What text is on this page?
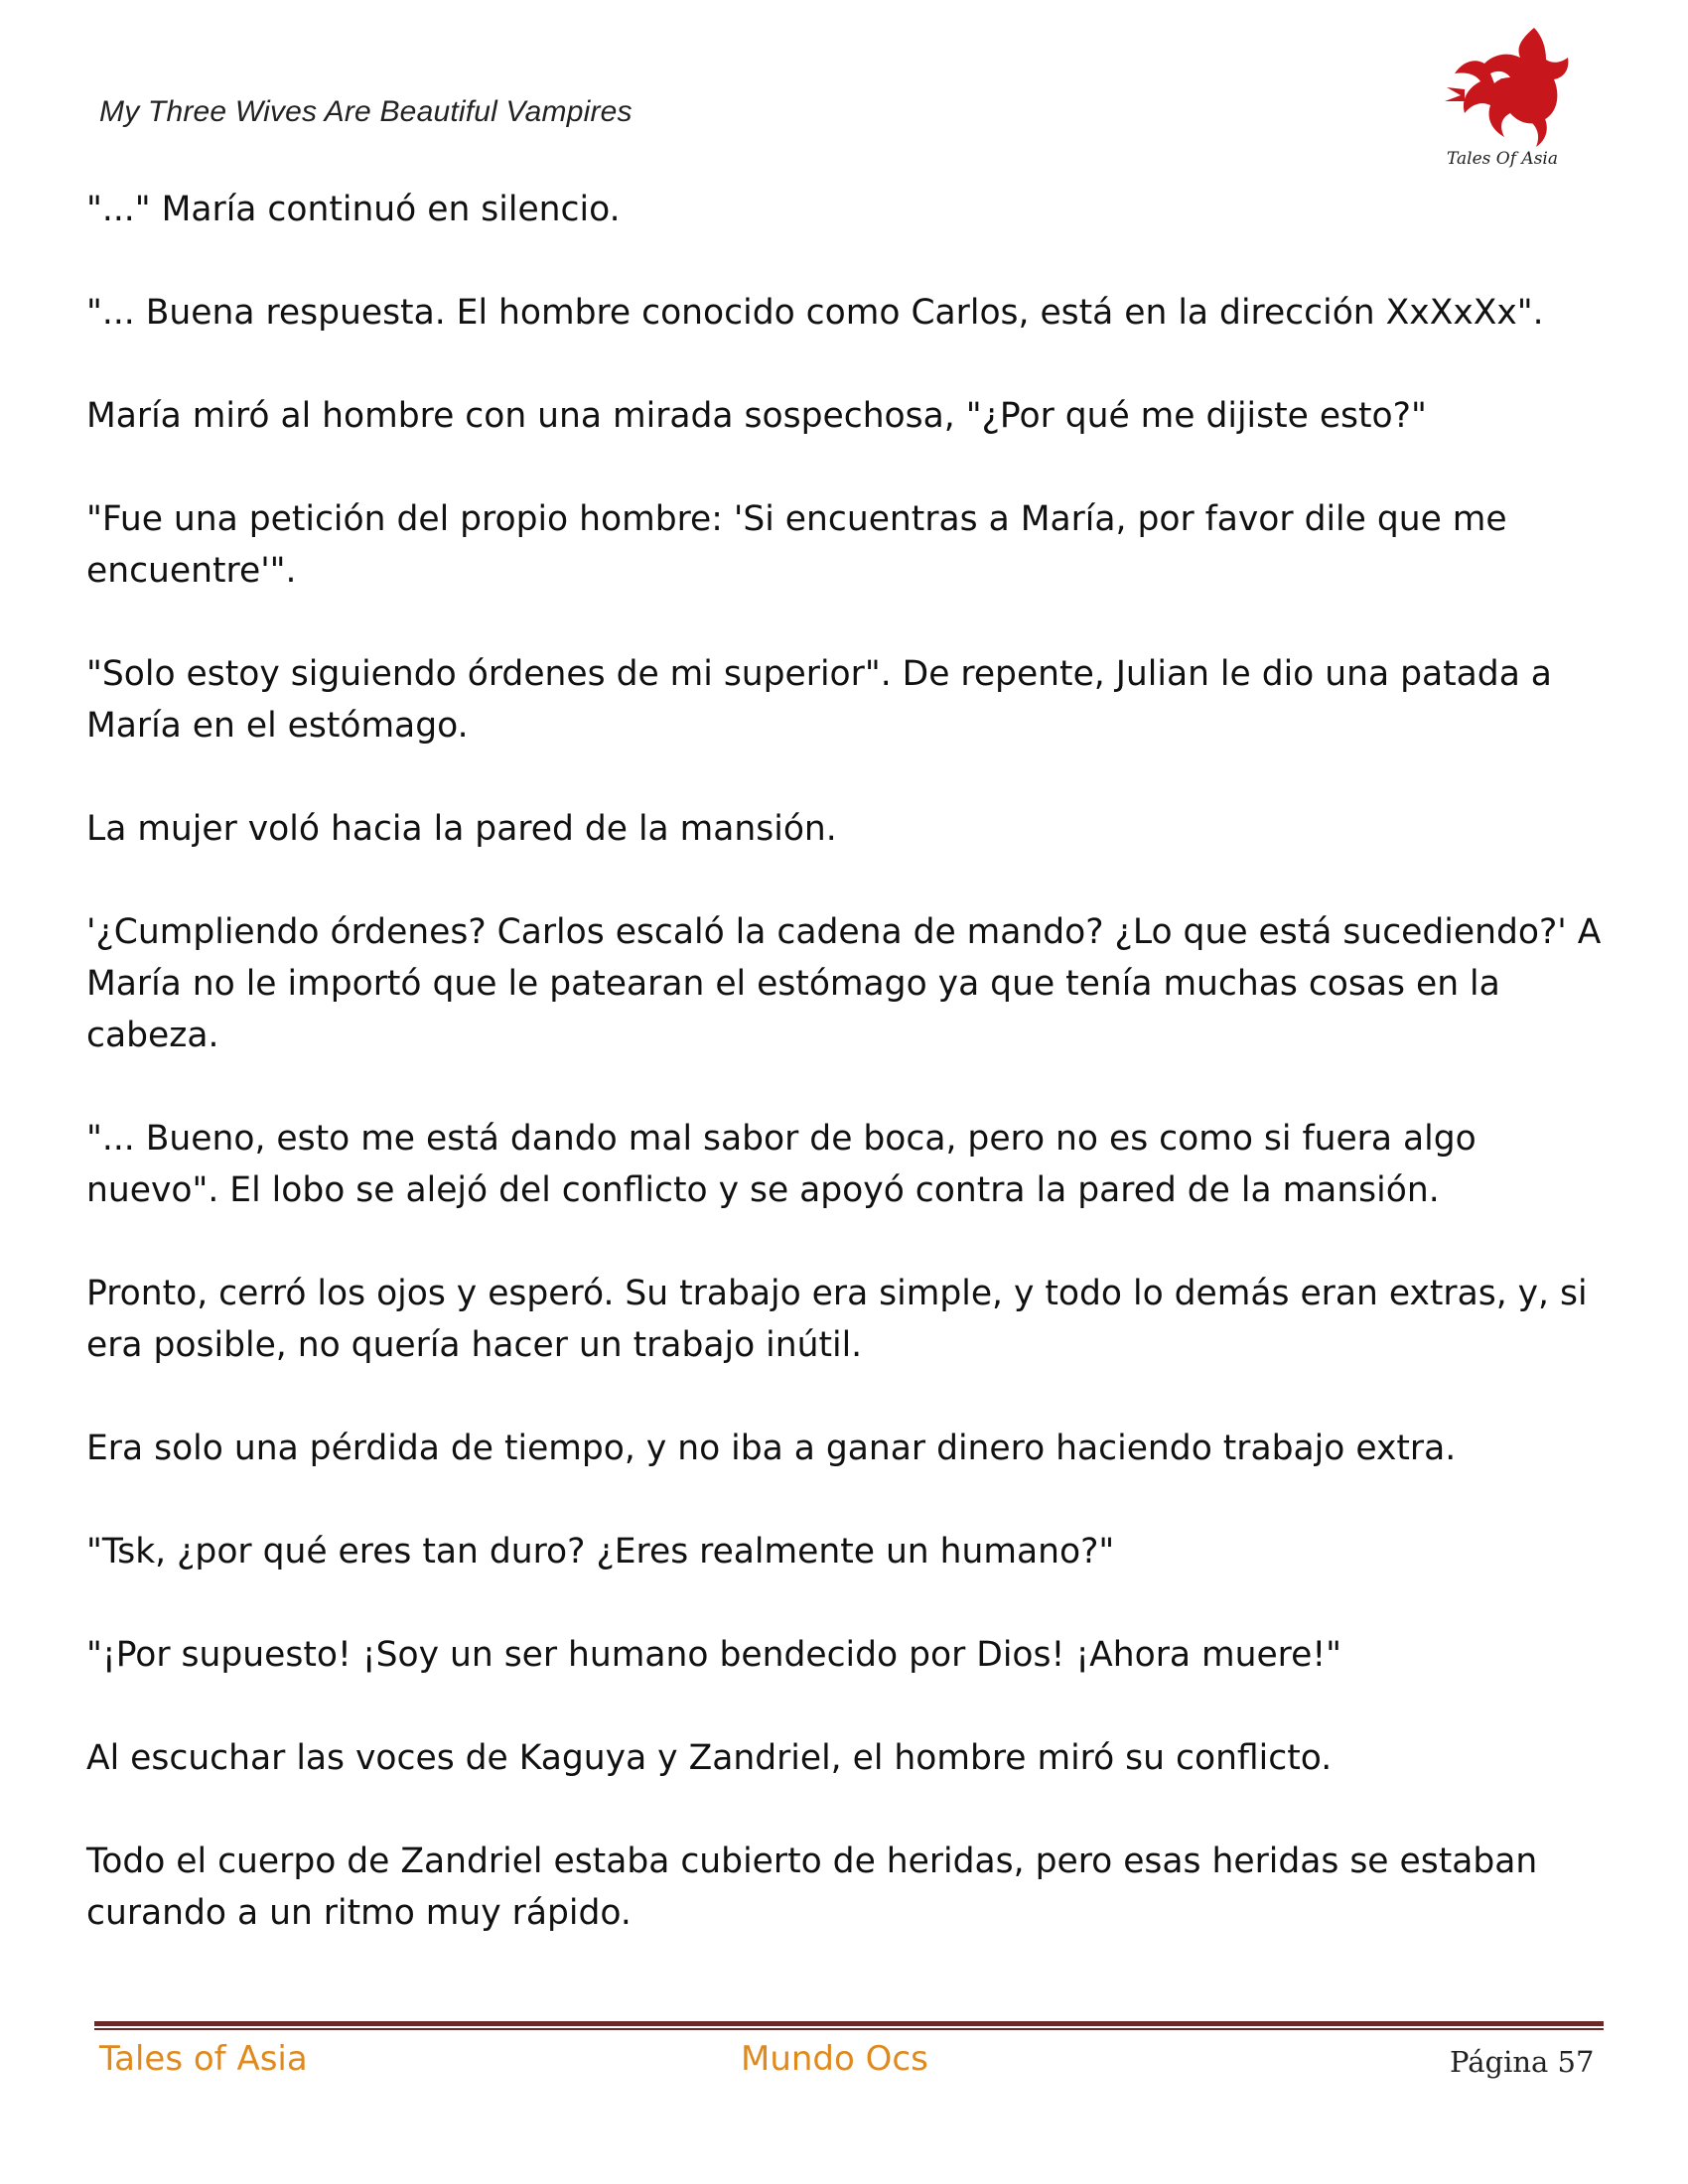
My Three Wives Are Beautiful Vampires
Tales Of Asia

"..." María continuó en silencio.

"... Buena respuesta. El hombre conocido como Carlos, está en la dirección XxXxXx".

María miró al hombre con una mirada sospechosa, "¿Por qué me dijiste esto?"

"Fue una petición del propio hombre: 'Si encuentras a María, por favor dile que me encuentre'".

"Solo estoy siguiendo órdenes de mi superior". De repente, Julian le dio una patada a María en el estómago.

La mujer voló hacia la pared de la mansión.

'¿Cumpliendo órdenes? Carlos escaló la cadena de mando? ¿Lo que está sucediendo?' A María no le importó que le patearan el estómago ya que tenía muchas cosas en la cabeza.

"... Bueno, esto me está dando mal sabor de boca, pero no es como si fuera algo nuevo". El lobo se alejó del conflicto y se apoyó contra la pared de la mansión.

Pronto, cerró los ojos y esperó. Su trabajo era simple, y todo lo demás eran extras, y, si era posible, no quería hacer un trabajo inútil.

Era solo una pérdida de tiempo, y no iba a ganar dinero haciendo trabajo extra.

"Tsk, ¿por qué eres tan duro? ¿Eres realmente un humano?"

"¡Por supuesto! ¡Soy un ser humano bendecido por Dios! ¡Ahora muere!"

Al escuchar las voces de Kaguya y Zandriel, el hombre miró su conflicto.

Todo el cuerpo de Zandriel estaba cubierto de heridas, pero esas heridas se estaban curando a un ritmo muy rápido.

Tales of Asia	Mundo Ocs	Página 57
